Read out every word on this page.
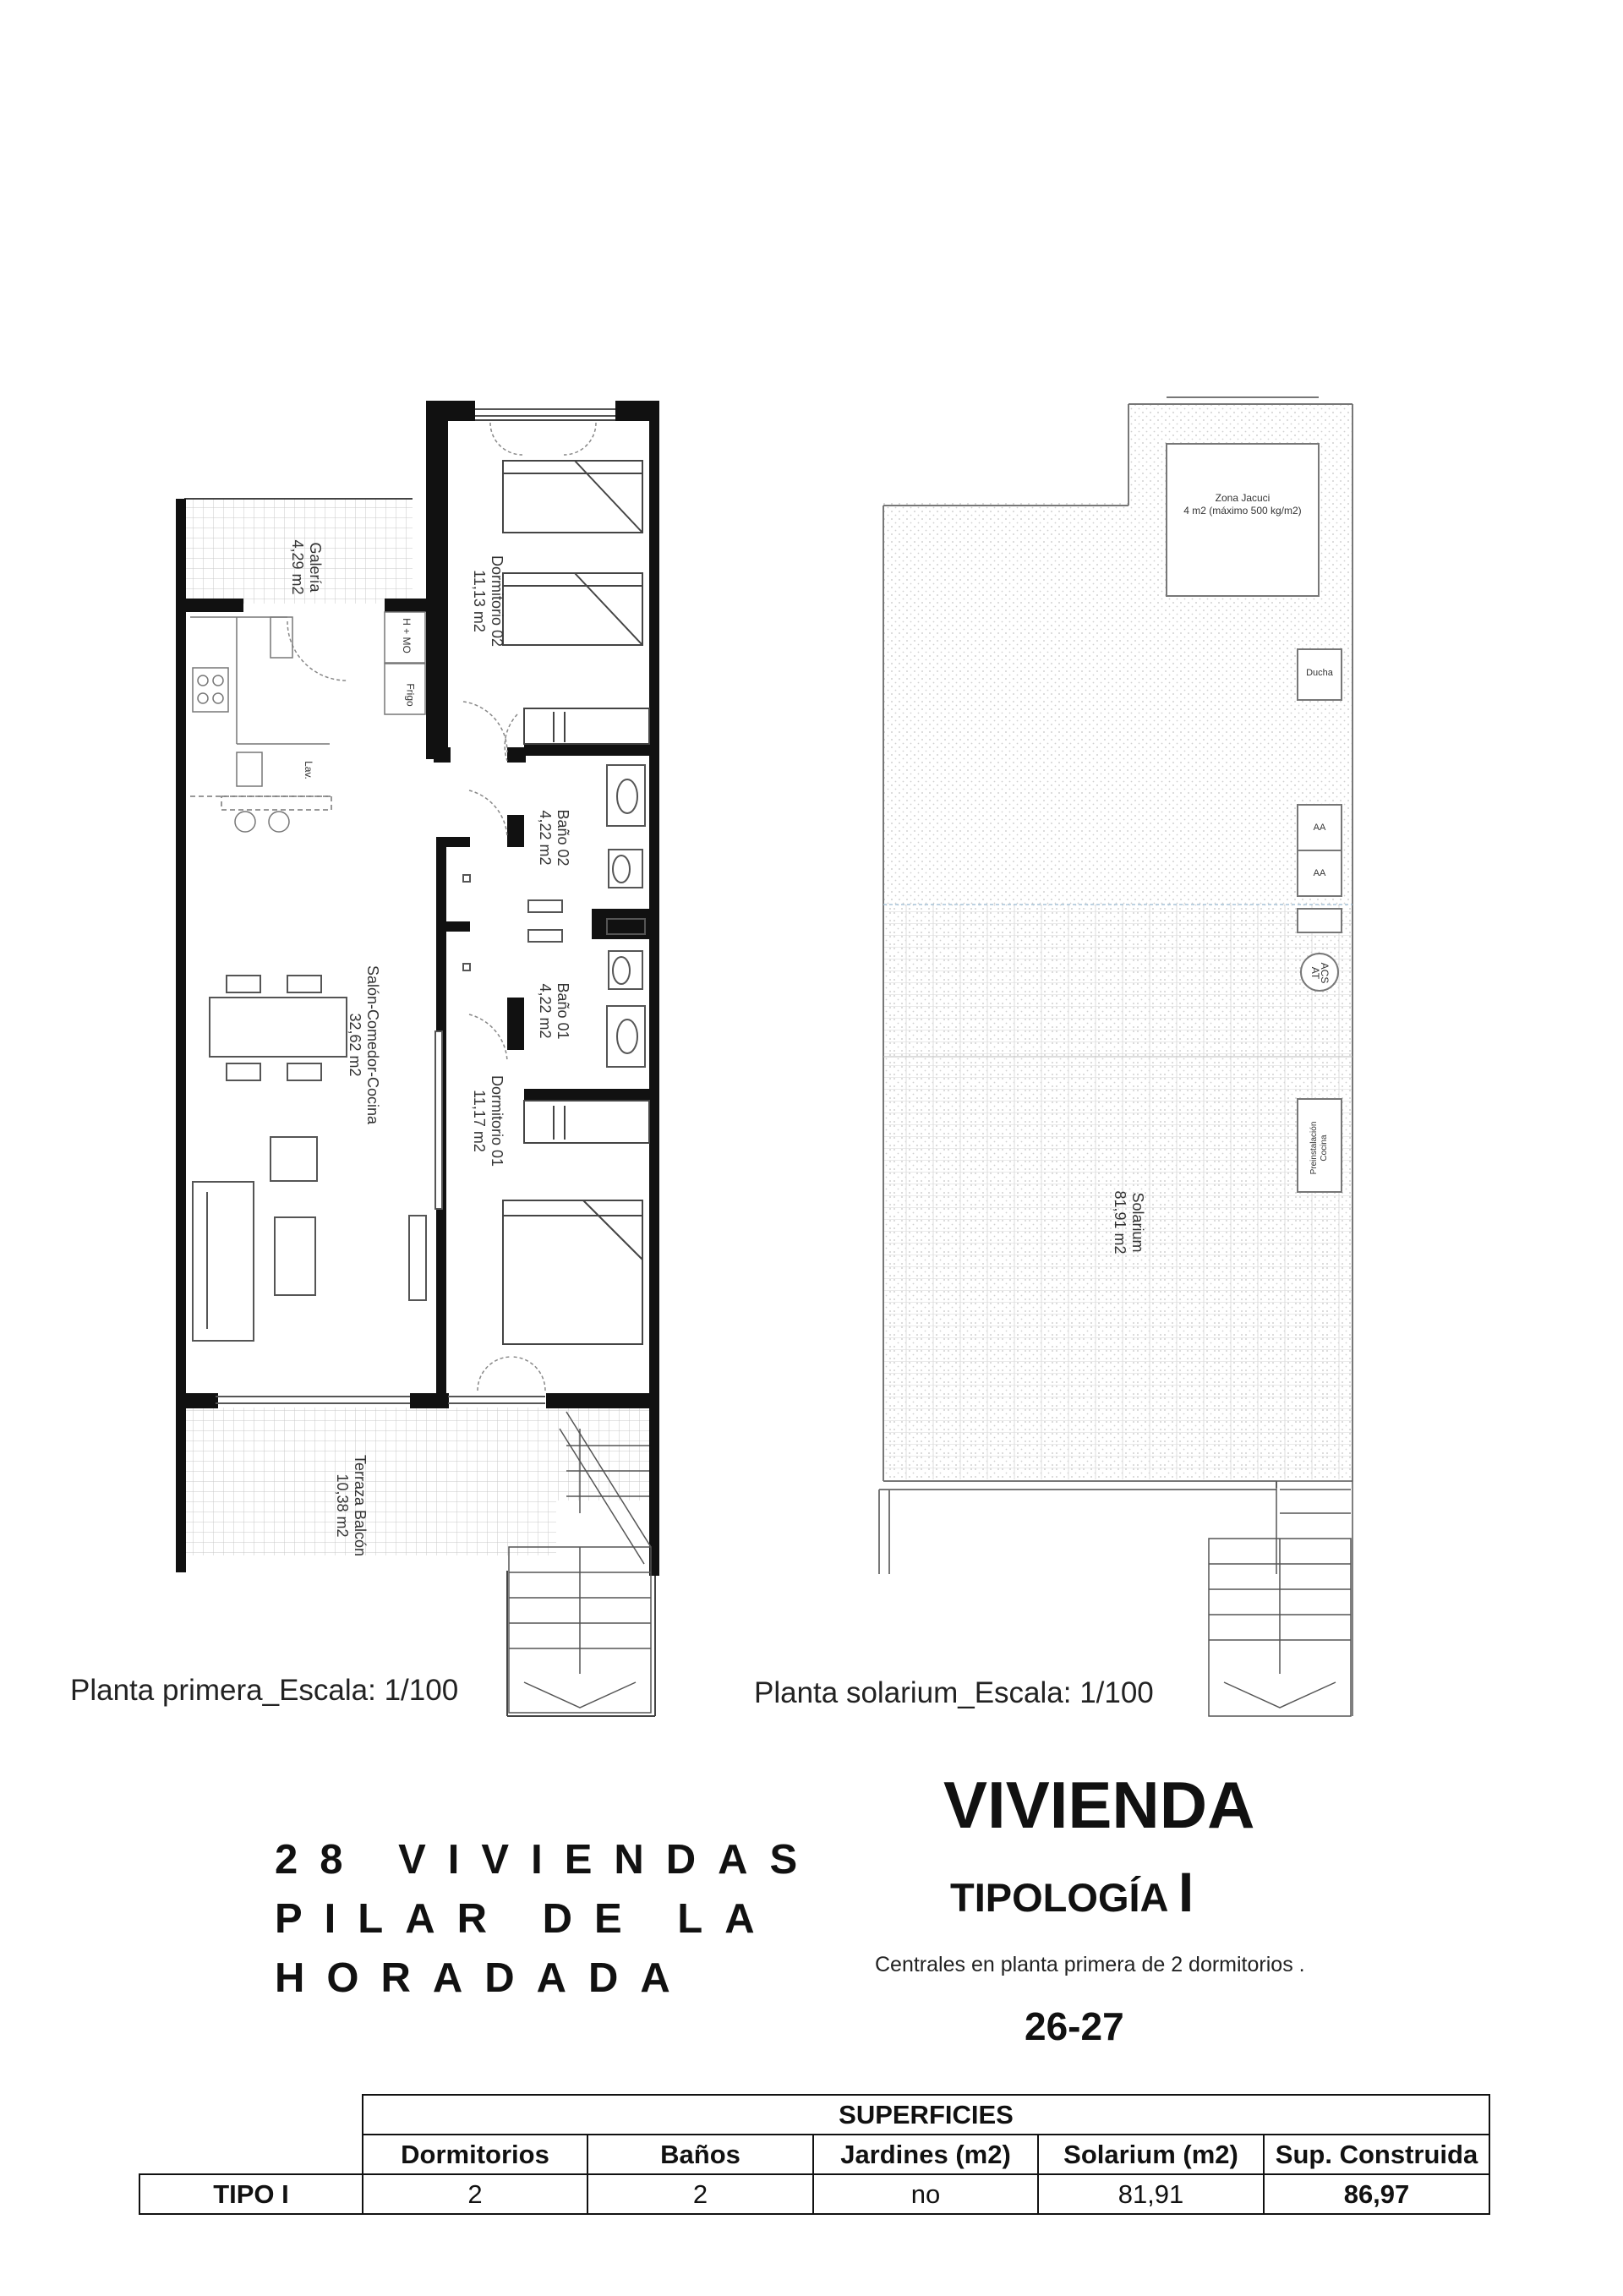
Galería
4,29 m2	Dormitorio 02
11,13 m2
Baño 02
4,22 m2
Baño 01
4,22 m2
Salón-Comedor-Cocina
32,62 m2
Dormitorio 01
11,17 m2
Terraza Balcón
10,38 m2
H + MO
Frigo
Lav.
Zona Jacuci
4 m2 (máximo 500 kg/m2)
Ducha
AA
AA
ACS
AT
Preinstalación Cocina
Solarium
81,91 m2
Planta primera_Escala: 1/100	Planta solarium_Escala: 1/100
28 VIVIENDAS
PILAR DE LA
HORADADA
VIVIENDA
TIPOLOGÍA I
Centrales en planta primera de 2 dormitorios .
26-27
	SUPERFICIES				
	Dormitorios	Baños	Jardines (m2)	Solarium (m2)	Sup. Construida
TIPO I	2	2	no	81,91	86,97
